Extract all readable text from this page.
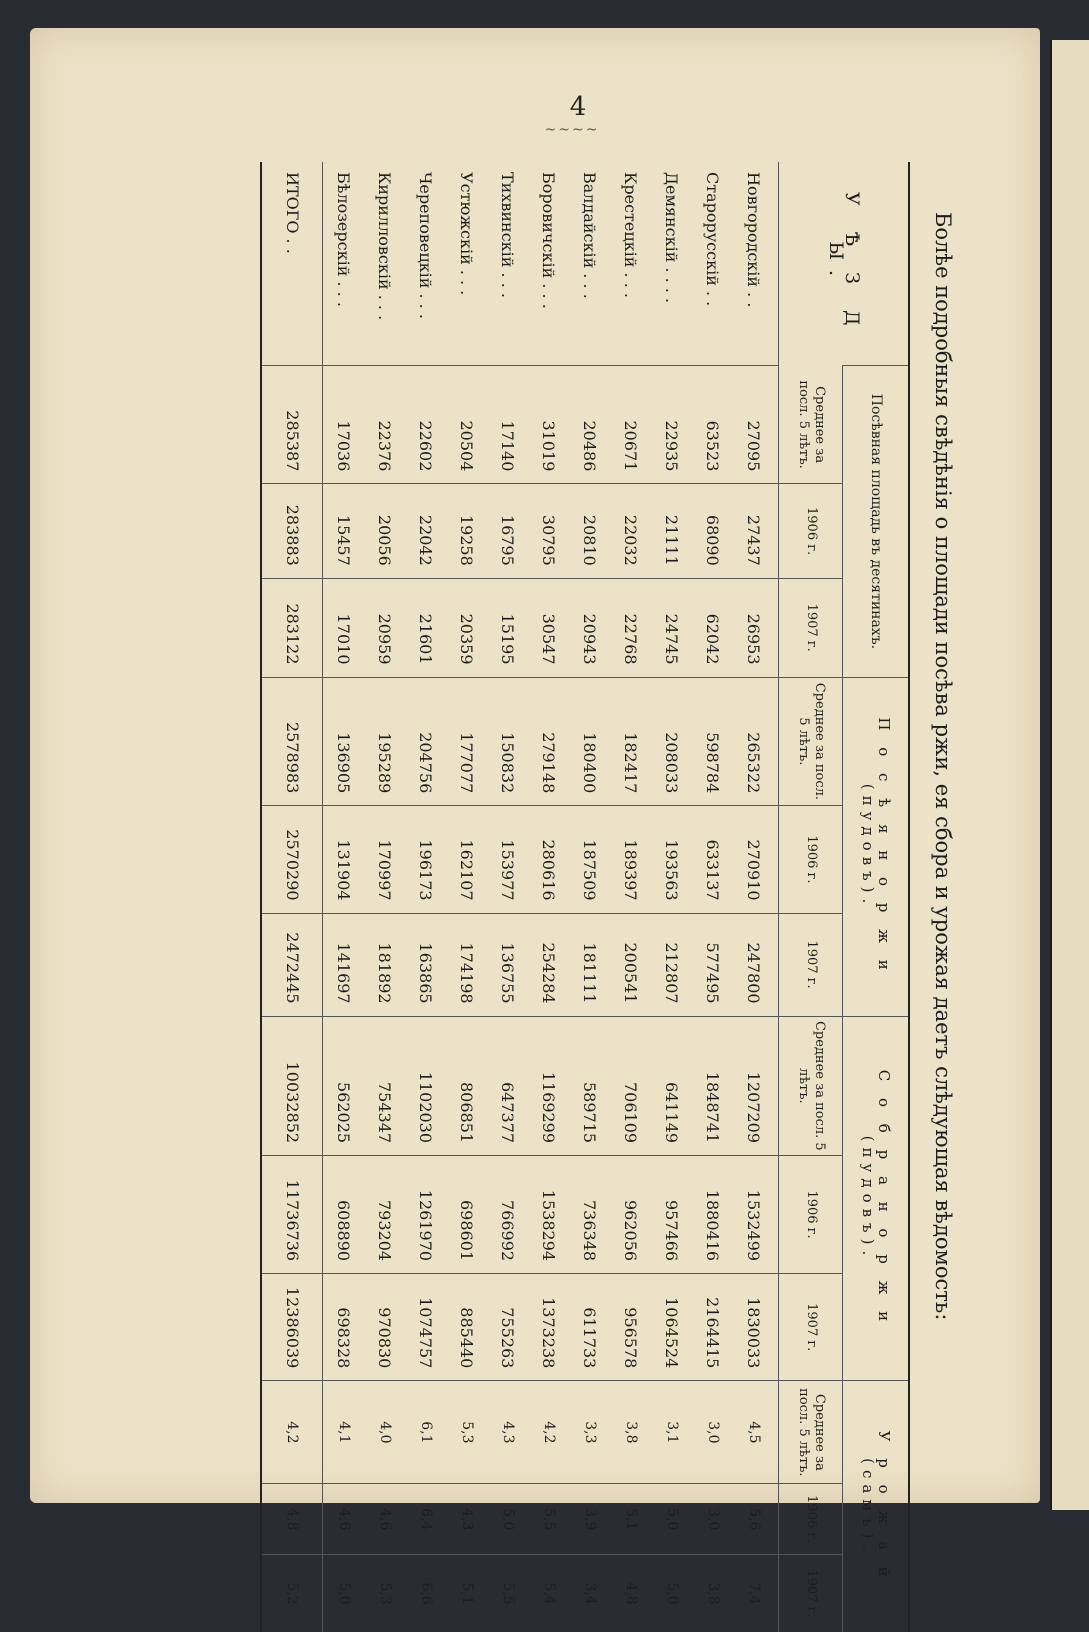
4
~~~~
Болѣе подробныя свѣдѣнія о площади посѣва ржи, ея сбора и урожая даетъ слѣдующая вѣдомость:
У Ѣ З Д Ы.	Посѣвная площадь въ десятинахъ.			П о с ѣ я н о р ж и (пудовъ).			С о б р а н о р ж и (пудовъ).			У р о ж а й (самъ).		
	Среднее за посл. 5 лѣтъ.	1906 г.	1907 г.	Среднее за посл. 5 лѣтъ.	1906 г.	1907 г.	Среднее за посл. 5 лѣтъ.	1906 г.	1907 г.	Среднее за посл. 5 лѣтъ.	1906 г.	1907 г.
Новгородскій . .	27095	27437	26953	265322	270910	247800	1207209	1532499	1830033	4,5	5,6	7,4
Старорусскій . .	63523	68090	62042	598784	633137	577495	1848741	1880416	2164415	3,0	3,0	3,8
Демянскій . . . .	22935	21111	24745	208033	193563	212807	641149	957466	1064524	3,1	5,0	5,0
Крестецкій . . .	20671	22032	22768	182417	189397	200541	706109	962056	956578	3,8	5,1	4,8
Валдайскій . . .	20486	20810	20943	180400	187509	181111	589715	736348	611733	3,3	3,9	3,4
Боровичскій . . .	31019	30795	30547	279148	280616	254284	1169299	1538294	1373238	4,2	5,5	5,4
Тихвинскій . . .	17140	16795	15195	150832	153977	136755	647377	766992	755263	4,3	5,0	5,5
Устюжскій . . .	20504	19258	20359	177077	162107	174198	806851	698601	885440	5,3	4,3	5,1
Череповецкій . . .	22602	22042	21601	204756	196173	163865	1102030	1261970	1074757	6,1	6,4	6,6
Кирилловскій . . .	22376	20056	20959	195289	170997	181892	754347	793204	970830	4,0	4,6	5,3
Бѣлозерскій . . .	17036	15457	17010	136905	131904	141697	562025	608890	698328	4,1	4,6	5,0
ИТОГО . .	285387	283883	283122	2578983	2570290	2472445	10032852	11736736	12386039	4,2	4,8	5,2
